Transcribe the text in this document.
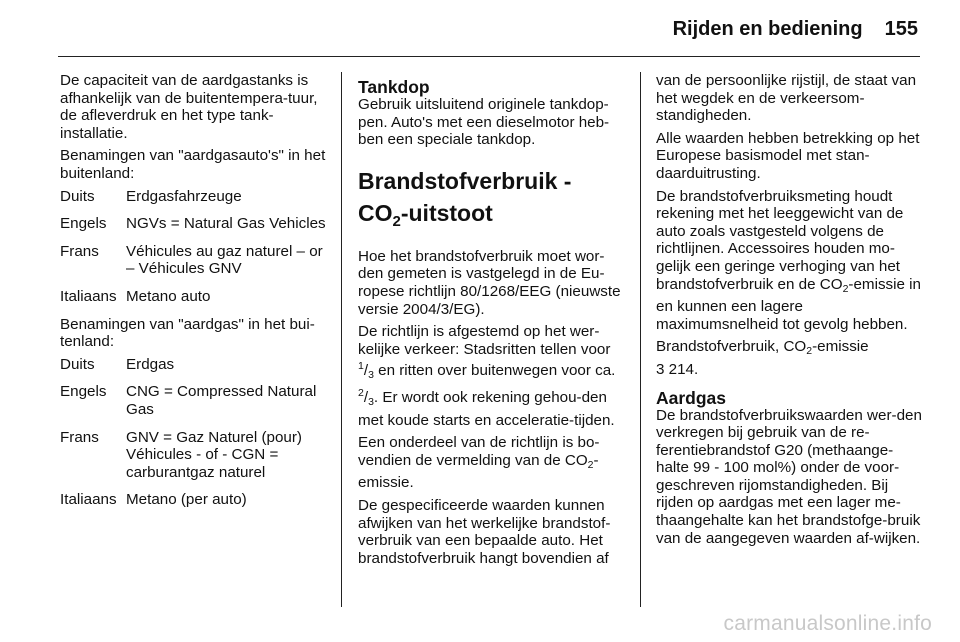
Rijden en bediening 155

De capaciteit van de aardgastanks is afhankelijk van de buitentempera-tuur, de afleverdruk en het type tank-installatie.

Benamingen van "aardgasauto's" in het buitenland:

Duits	Erdgasfahrzeuge
Engels	NGVs = Natural Gas Vehicles
Frans	Véhicules au gaz naturel – or – Véhicules GNV
Italiaans	Metano auto

Benamingen van "aardgas" in het bui-tenland:

Duits	Erdgas
Engels	CNG = Compressed Natural Gas
Frans	GNV = Gaz Naturel (pour) Véhicules - of - CGN = carburantgaz naturel
Italiaans	Metano (per auto)
Tankdop

Gebruik uitsluitend originele tankdop-pen. Auto's met een dieselmotor heb-ben een speciale tankdop.

Brandstofverbruik -
$CO_2$-uitstoot

Hoe het brandstofverbruik moet wor-den gemeten is vastgelegd in de Eu-ropese richtlijn 80/1268/EEG (nieuwste versie 2004/3/EG).

De richtlijn is afgestemd op het wer-kelijke verkeer: Stadsritten tellen voor $^1$/3 en ritten over buitenwegen voor ca. $^2$/3. Er wordt ook rekening gehou-den met koude starts en acceleratie-tijden.

Een onderdeel van de richtlijn is bo-vendien de vermelding van de CO2-emissie.

De gespecificeerde waarden kunnen afwijken van het werkelijke brandstof-verbruik van een bepaalde auto. Het brandstofverbruik hangt bovendien af

van de persoonlijke rijstijl, de staat van het wegdek en de verkeersom-standigheden.

Alle waarden hebben betrekking op het Europese basismodel met stan-daarduitrusting.

De brandstofverbruiksmeting houdt rekening met het leeggewicht van de auto zoals vastgesteld volgens de richtlijnen. Accessoires houden mo-gelijk een geringe verhoging van het brandstofverbruik en de CO2-emissie in en kunnen een lagere maximumsnelheid tot gevolg hebben.

Brandstofverbruik, CO2-emissie
3 214.

Aardgas

De brandstofverbruikswaarden wer-den verkregen bij gebruik van de re-ferentiebrandstof G20 (methaange-halte 99 - 100 mol%) onder de voor-geschreven rijomstandigheden. Bij rijden op aardgas met een lager me-thaangehalte kan het brandstofge-bruik van de aangegeven waarden af-wijken.

carmanualsonline.info
